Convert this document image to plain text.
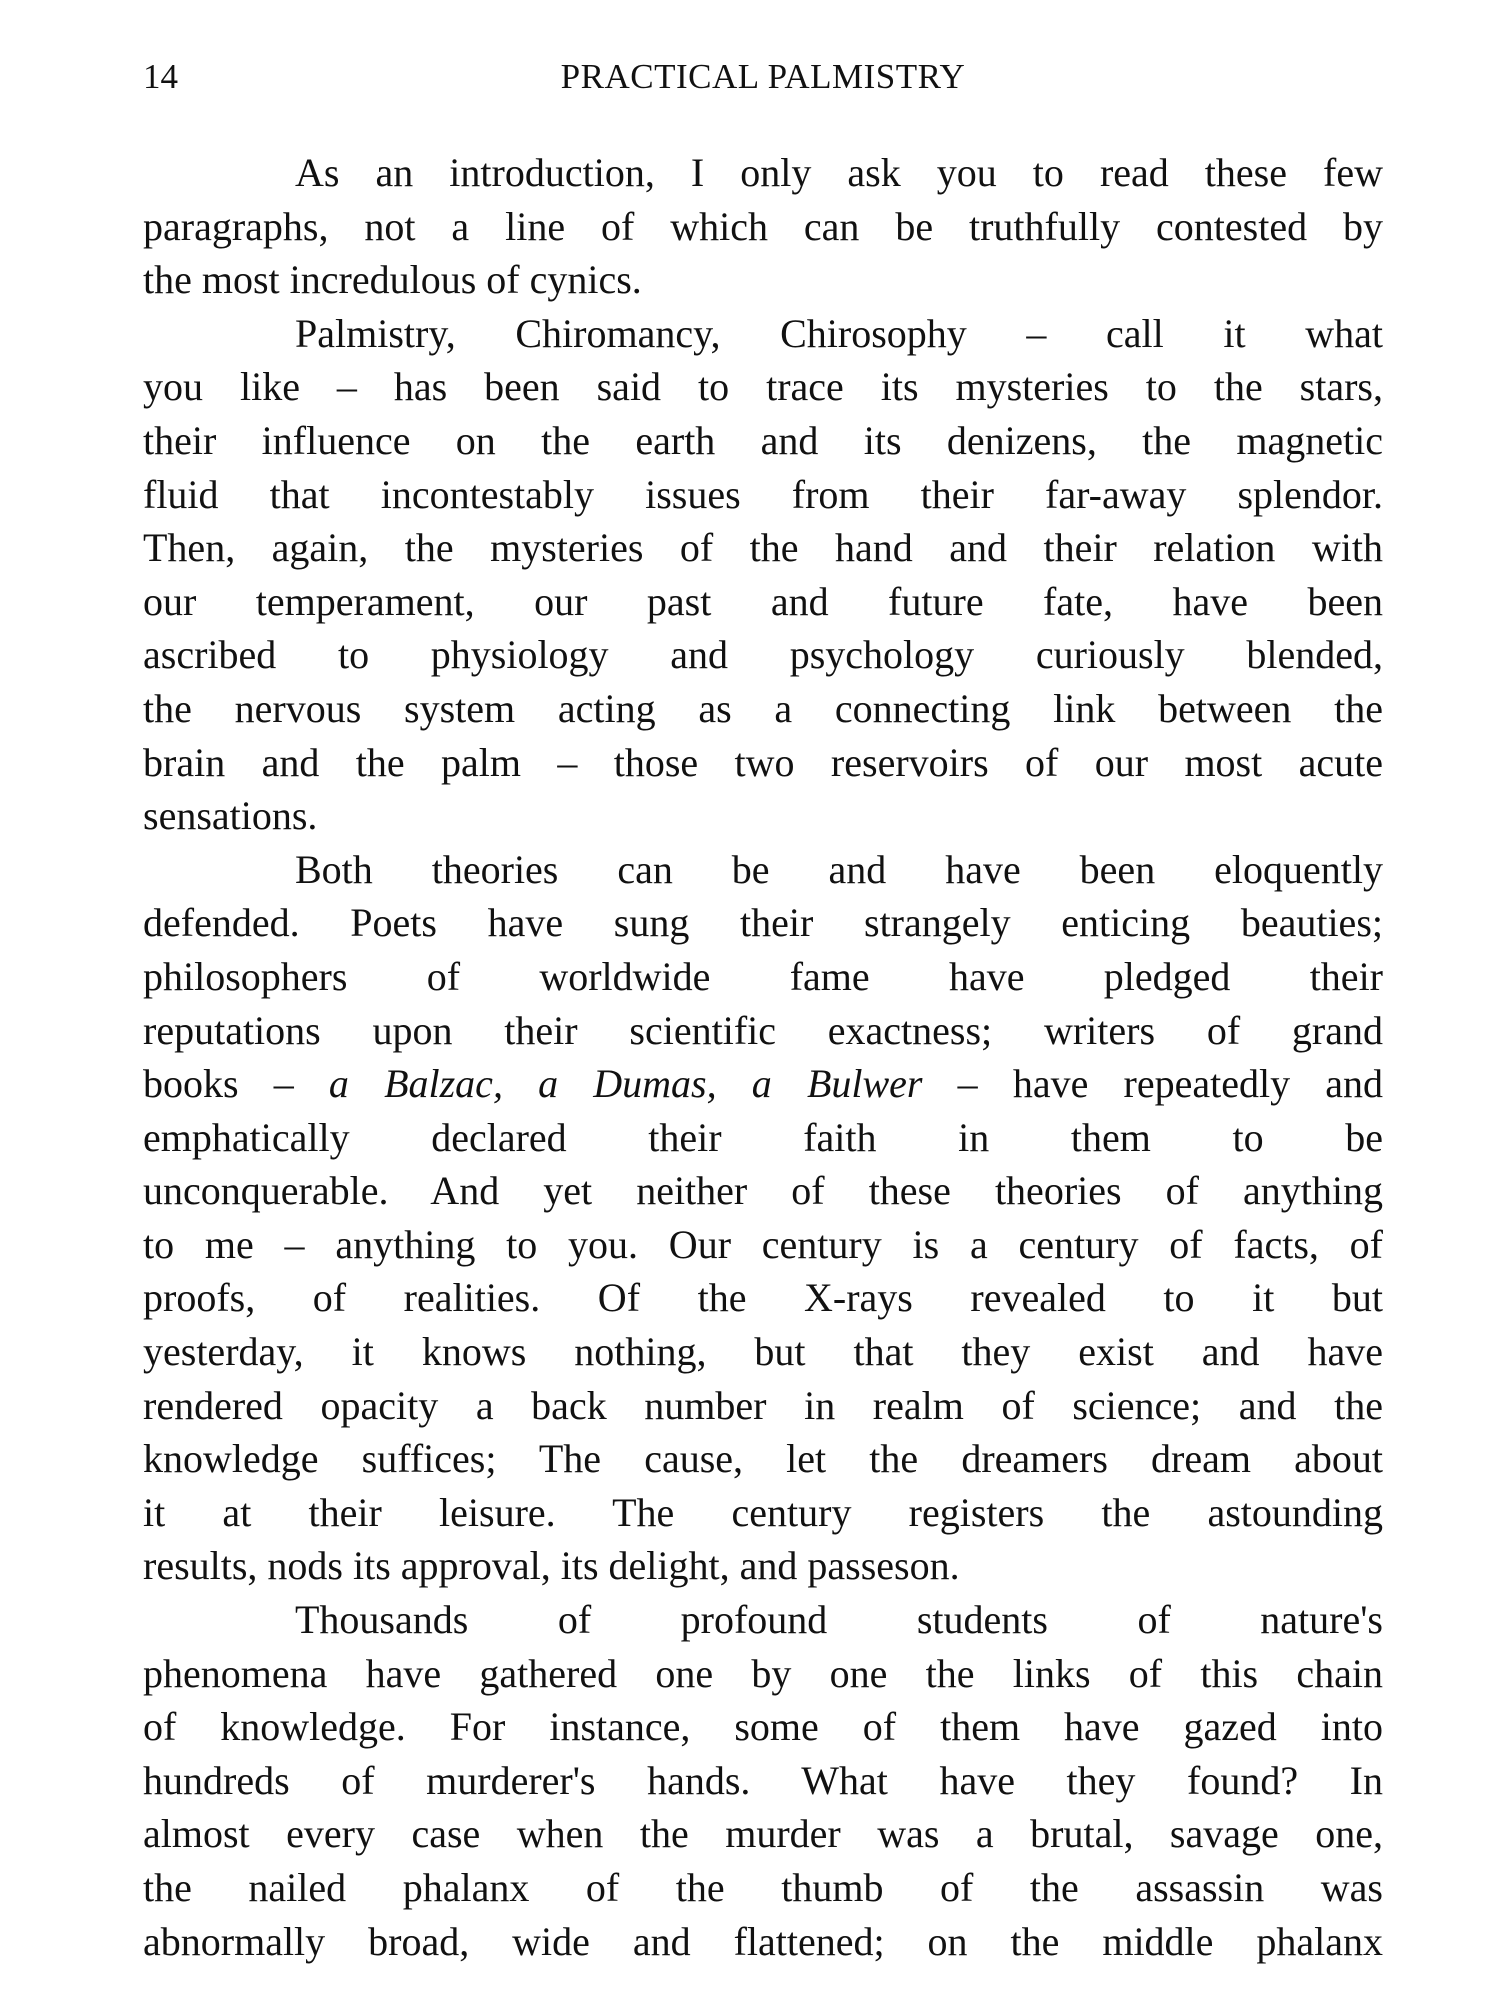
14	PRACTICAL PALMISTRY
As an introduction, I only ask you to read these few
paragraphs, not a line of which can be truthfully contested by
the most incredulous of cynics.
Palmistry, Chiromancy, Chirosophy – call it what
you like – has been said to trace its mysteries to the stars,
their influence on the earth and its denizens, the magnetic
fluid that incontestably issues from their far-away splendor.
Then, again, the mysteries of the hand and their relation with
our temperament, our past and future fate, have been
ascribed to physiology and psychology curiously blended,
the nervous system acting as a connecting link between the
brain and the palm – those two reservoirs of our most acute
sensations.
Both theories can be and have been eloquently
defended. Poets have sung their strangely enticing beauties;
philosophers of worldwide fame have pledged their
reputations upon their scientific exactness; writers of grand
books – a Balzac, a Dumas, a Bulwer – have repeatedly and
emphatically declared their faith in them to be
unconquerable. And yet neither of these theories of anything
to me – anything to you. Our century is a century of facts, of
proofs, of realities. Of the X-rays revealed to it but
yesterday, it knows nothing, but that they exist and have
rendered opacity a back number in realm of science; and the
knowledge suffices; The cause, let the dreamers dream about
it at their leisure. The century registers the astounding
results, nods its approval, its delight, and passeson.
Thousands of profound students of nature's
phenomena have gathered one by one the links of this chain
of knowledge. For instance, some of them have gazed into
hundreds of murderer's hands. What have they found? In
almost every case when the murder was a brutal, savage one,
the nailed phalanx of the thumb of the assassin was
abnormally broad, wide and flattened; on the middle phalanx
